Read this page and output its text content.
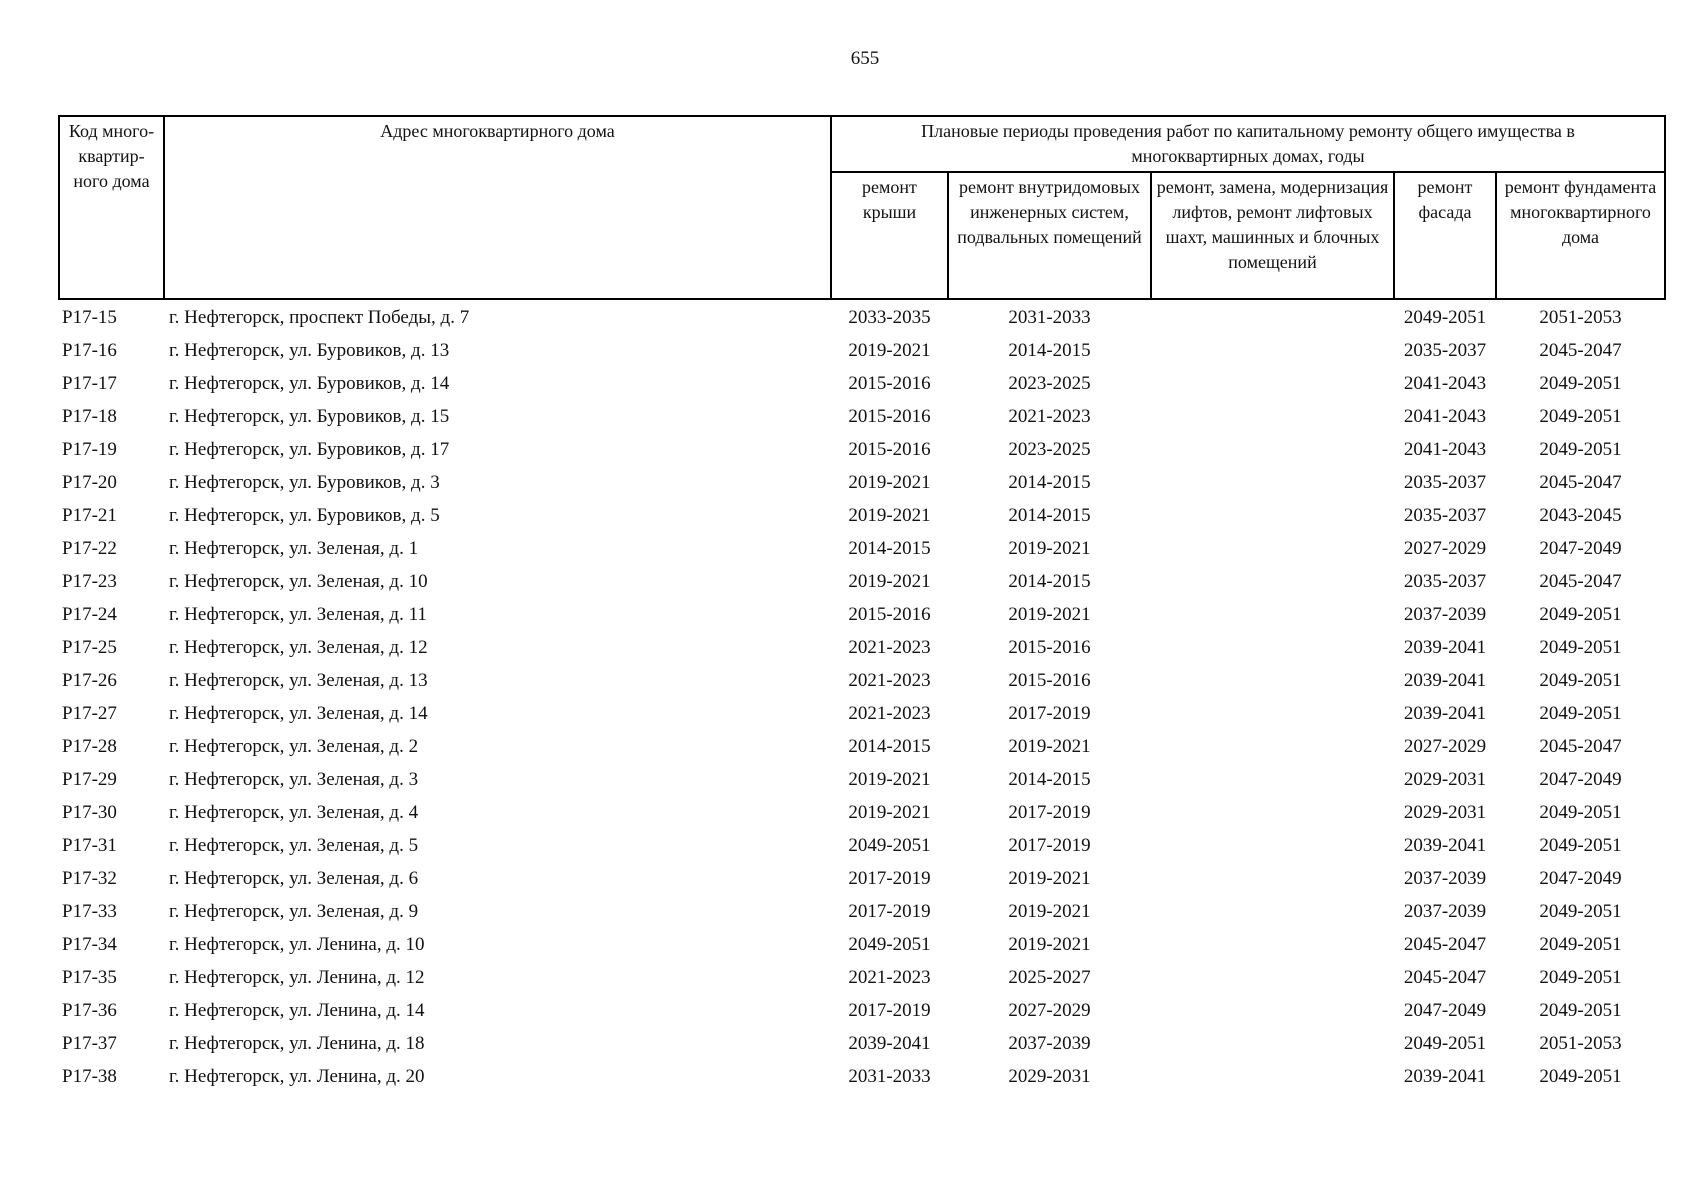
655
Код много-квартир-ного дома	Адрес многоквартирного дома	Плановые периоды проведения работ по капитальному ремонту общего имущества в многоквартирных домах, годы				

		ремонт крыши	ремонт внутридомовых инженерных систем, подвальных помещений	ремонт, замена, модернизация лифтов, ремонт лифтовых шахт, машинных и блочных помещений	ремонт фасада	ремонт фундамента многоквартирного дома
Р17-15	г. Нефтегорск, проспект Победы, д. 7	2033-2035	2031-2033		2049-2051	2051-2053
Р17-16	г. Нефтегорск, ул. Буровиков, д. 13	2019-2021	2014-2015		2035-2037	2045-2047
Р17-17	г. Нефтегорск, ул. Буровиков, д. 14	2015-2016	2023-2025		2041-2043	2049-2051
Р17-18	г. Нефтегорск, ул. Буровиков, д. 15	2015-2016	2021-2023		2041-2043	2049-2051
Р17-19	г. Нефтегорск, ул. Буровиков, д. 17	2015-2016	2023-2025		2041-2043	2049-2051
Р17-20	г. Нефтегорск, ул. Буровиков, д. 3	2019-2021	2014-2015		2035-2037	2045-2047
Р17-21	г. Нефтегорск, ул. Буровиков, д. 5	2019-2021	2014-2015		2035-2037	2043-2045
Р17-22	г. Нефтегорск, ул. Зеленая, д. 1	2014-2015	2019-2021		2027-2029	2047-2049
Р17-23	г. Нефтегорск, ул. Зеленая, д. 10	2019-2021	2014-2015		2035-2037	2045-2047
Р17-24	г. Нефтегорск, ул. Зеленая, д. 11	2015-2016	2019-2021		2037-2039	2049-2051
Р17-25	г. Нефтегорск, ул. Зеленая, д. 12	2021-2023	2015-2016		2039-2041	2049-2051
Р17-26	г. Нефтегорск, ул. Зеленая, д. 13	2021-2023	2015-2016		2039-2041	2049-2051
Р17-27	г. Нефтегорск, ул. Зеленая, д. 14	2021-2023	2017-2019		2039-2041	2049-2051
Р17-28	г. Нефтегорск, ул. Зеленая, д. 2	2014-2015	2019-2021		2027-2029	2045-2047
Р17-29	г. Нефтегорск, ул. Зеленая, д. 3	2019-2021	2014-2015		2029-2031	2047-2049
Р17-30	г. Нефтегорск, ул. Зеленая, д. 4	2019-2021	2017-2019		2029-2031	2049-2051
Р17-31	г. Нефтегорск, ул. Зеленая, д. 5	2049-2051	2017-2019		2039-2041	2049-2051
Р17-32	г. Нефтегорск, ул. Зеленая, д. 6	2017-2019	2019-2021		2037-2039	2047-2049
Р17-33	г. Нефтегорск, ул. Зеленая, д. 9	2017-2019	2019-2021		2037-2039	2049-2051
Р17-34	г. Нефтегорск, ул. Ленина, д. 10	2049-2051	2019-2021		2045-2047	2049-2051
Р17-35	г. Нефтегорск, ул. Ленина, д. 12	2021-2023	2025-2027		2045-2047	2049-2051
Р17-36	г. Нефтегорск, ул. Ленина, д. 14	2017-2019	2027-2029		2047-2049	2049-2051
Р17-37	г. Нефтегорск, ул. Ленина, д. 18	2039-2041	2037-2039		2049-2051	2051-2053
Р17-38	г. Нефтегорск, ул. Ленина, д. 20	2031-2033	2029-2031		2039-2041	2049-2051
